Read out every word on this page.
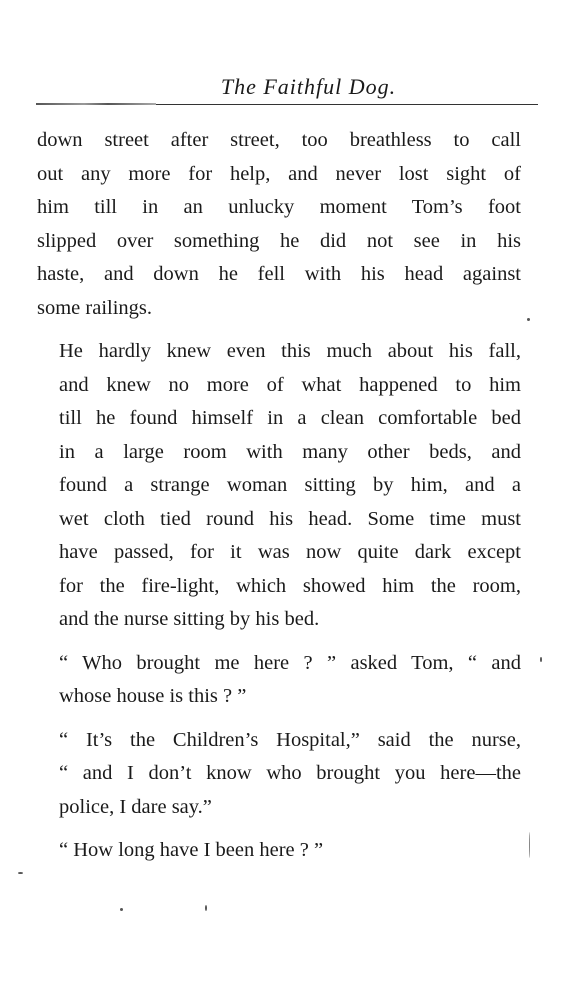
The Faithful Dog.

down street after street, too breathless to call
out any more for help, and never lost sight of
him till in an unlucky moment Tom’s foot
slipped over something he did not see in his
haste, and down he fell with his head against
some railings.

He hardly knew even this much about his fall,
and knew no more of what happened to him
till he found himself in a clean comfortable bed
in a large room with many other beds, and
found a strange woman sitting by him, and a
wet cloth tied round his head. Some time must
have passed, for it was now quite dark except
for the fire-light, which showed him the room,
and the nurse sitting by his bed.

“ Who brought me here ? ” asked Tom, “ and
whose house is this ? ”

“ It’s the Children’s Hospital,” said the nurse,
“ and I don’t know who brought you here—the
police, I dare say.”

“ How long have I been here ? ”
